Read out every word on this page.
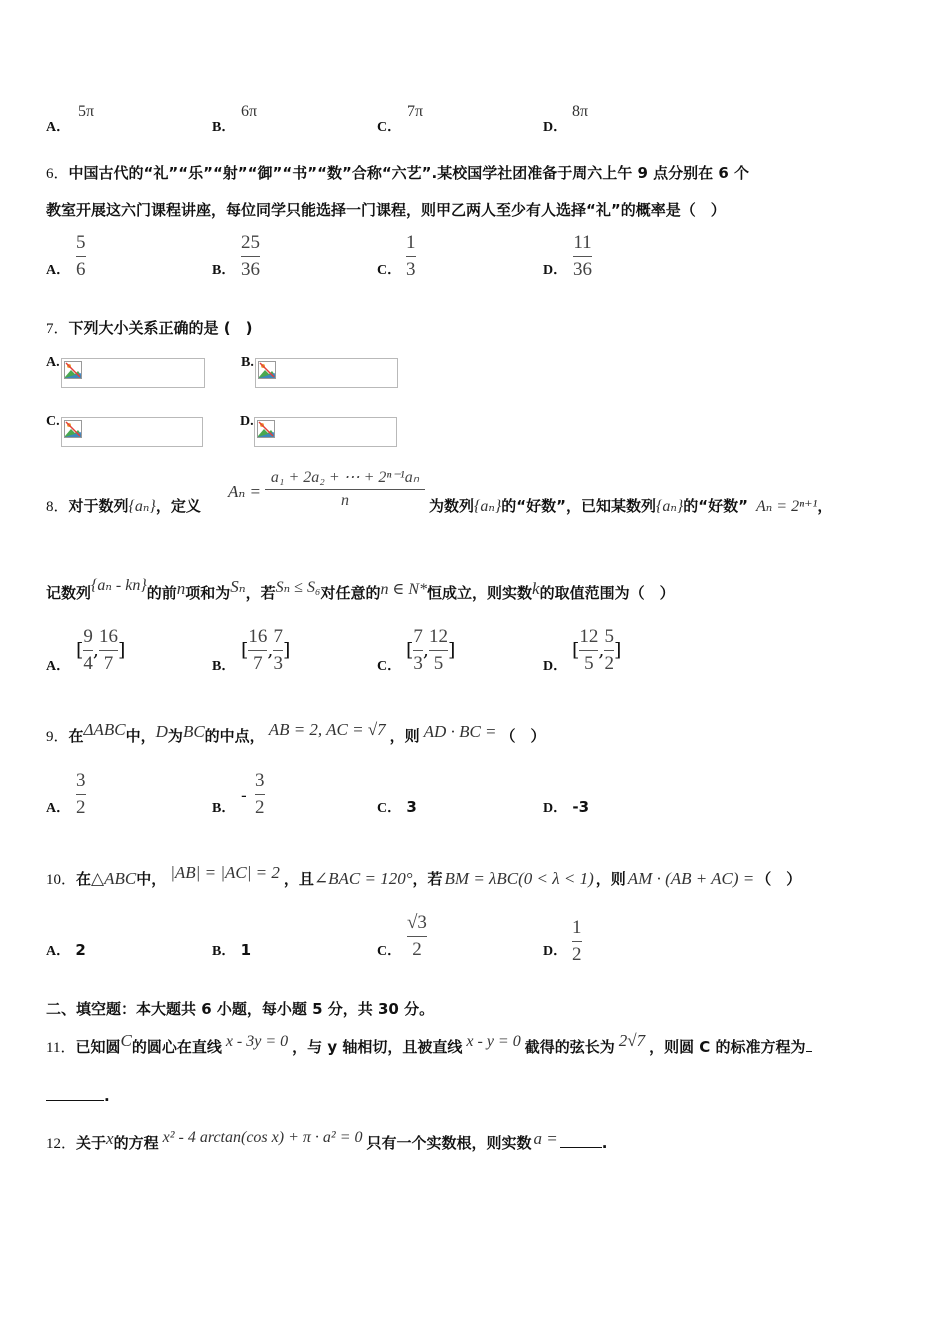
A．
5π
B．
6π
C．
7π
D．
8π
6．中国古代的“礼”“乐”“射”“御”“书”“数”合称“六艺”.某校国学社团准备于周六上午 9 点分别在 6 个
教室开展这六门课程讲座，每位同学只能选择一门课程，则甲乙两人至少有人选择“礼”的概率是（　）
A．
5
6	B．
25
36	C．
1
3	D．
11
36
7．下列大小关系正确的是 (　)
A.	B.
C.	D.
8．对于数列{aₙ}，定义
Aₙ =
a₁ + 2a₂ + ⋯ + 2ⁿ⁻¹aₙ
n	为数列{aₙ}的“好数”，已知某数列{aₙ}的“好数” Aₙ = 2ⁿ⁺¹，
记数列{aₙ - kn}的前n项和为Sₙ，若Sₙ ≤ S₆对任意的n ∈ N*恒成立，则实数k的取值范围为（　）
A．
[ $\frac{9}{4}$ , $\frac{16}{7}$ ]
B．
[ $\frac{16}{7}$ , $\frac{7}{3}$ ]
C．
[ $\frac{7}{3}$ , $\frac{12}{5}$ ]
D．
[ $\frac{12}{5}$ , $\frac{5}{2}$ ]
9．在ΔABC中，D为BC的中点， AB = 2, AC = √7 ，则 AD · BC = （　）
A．
3
2	B．
-
3
2	C． 3	D． -3
10．在△ABC中， |AB| = |AC| = 2 ，且∠BAC = 120°，若 BM = λBC(0 < λ < 1) ，则 AM · (AB + AC) = （　）
A． 2	B． 1	C．
√3
2	D．
1
2
二、填空题：本大题共 6 小题，每小题 5 分，共 30 分。
11．已知圆C的圆心在直线 x - 3y = 0 ，与 y 轴相切，且被直线 x - y = 0 截得的弦长为 2√7 ，则圆 C 的标准方程为
.
12．关于x的方程 x² - 4 arctan(cos x) + π · a² = 0 只有一个实数根，则实数 a =	.
